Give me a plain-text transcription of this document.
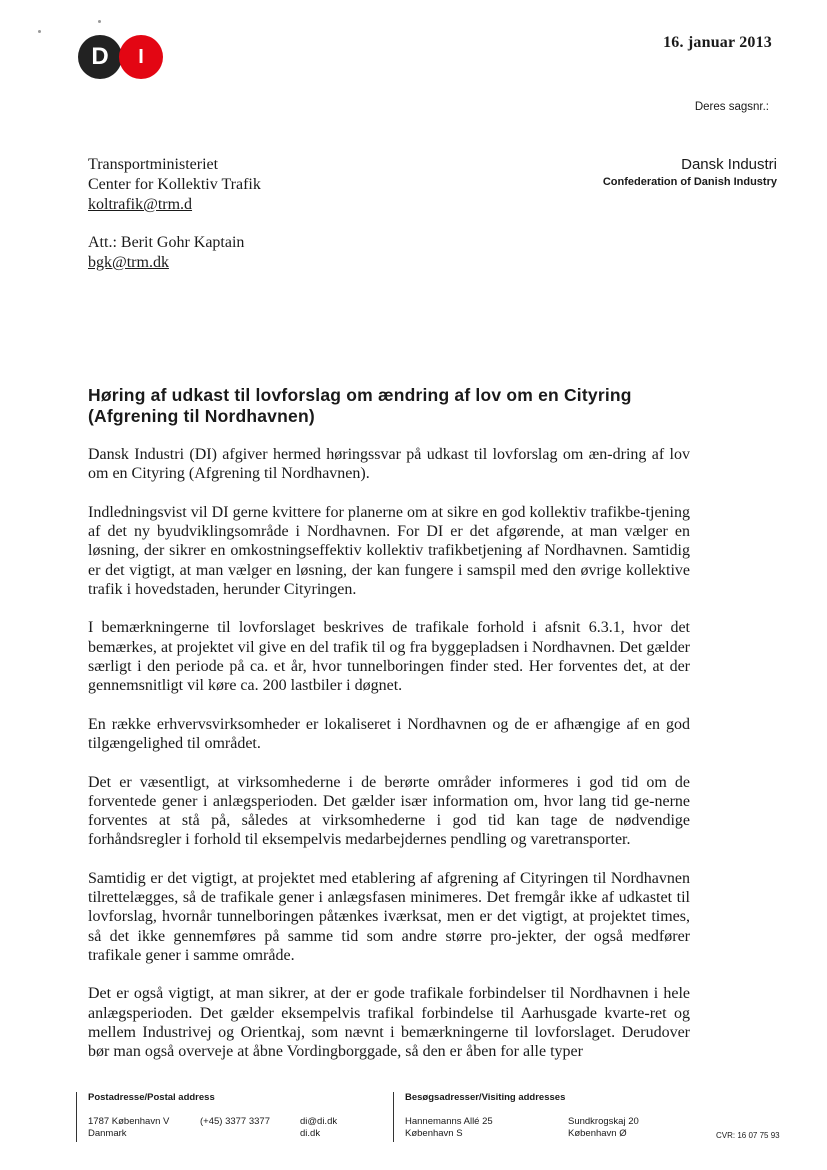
D	I
16. januar 2013
Deres sagsnr.:
Transportministeriet
Center for Kollektiv Trafik
koltrafik@trm.d
Dansk Industri
Confederation of Danish Industry
Att.: Berit Gohr Kaptain
bgk@trm.dk
Høring af udkast til lovforslag om ændring af lov om en Cityring
(Afgrening til Nordhavnen)

Dansk Industri (DI) afgiver hermed høringssvar på udkast til lovforslag om æn-dring af lov om en Cityring (Afgrening til Nordhavnen).

Indledningsvist vil DI gerne kvittere for planerne om at sikre en god kollektiv trafikbe-tjening af det ny byudviklingsområde i Nordhavnen. For DI er det afgørende, at man vælger en løsning, der sikrer en omkostningseffektiv kollektiv trafikbetjening af Nordhavnen. Samtidig er det vigtigt, at man vælger en løsning, der kan fungere i samspil med den øvrige kollektive trafik i hovedstaden, herunder Cityringen.

I bemærkningerne til lovforslaget beskrives de trafikale forhold i afsnit 6.3.1, hvor det bemærkes, at projektet vil give en del trafik til og fra byggepladsen i Nordhavnen. Det gælder særligt i den periode på ca. et år, hvor tunnelboringen finder sted. Her forventes det, at der gennemsnitligt vil køre ca. 200 lastbiler i døgnet.

En række erhvervsvirksomheder er lokaliseret i Nordhavnen og de er afhængige af en god tilgængelighed til området.

Det er væsentligt, at virksomhederne i de berørte områder informeres i god tid om de forventede gener i anlægsperioden. Det gælder især information om, hvor lang tid ge-nerne forventes at stå på, således at virksomhederne i god tid kan tage de nødvendige forhåndsregler i forhold til eksempelvis medarbejdernes pendling og varetransporter.

Samtidig er det vigtigt, at projektet med etablering af afgrening af Cityringen til Nordhavnen tilrettelægges, så de trafikale gener i anlægsfasen minimeres. Det fremgår ikke af udkastet til lovforslag, hvornår tunnelboringen påtænkes iværksat, men er det vigtigt, at projektet times, så det ikke gennemføres på samme tid som andre større pro-jekter, der også medfører trafikale gener i samme område.

Det er også vigtigt, at man sikrer, at der er gode trafikale forbindelser til Nordhavnen i hele anlægsperioden. Det gælder eksempelvis trafikal forbindelse til Aarhusgade kvarte-ret og mellem Industrivej og Orientkaj, som nævnt i bemærkningerne til lovforslaget. Derudover bør man også overveje at åbne Vordingborggade, så den er åben for alle typer

Postadresse/Postal address
1787 København V
Danmark
(+45) 3377 3377	di@di.dk
di.dk
Besøgsadresser/Visiting addresses
Hannemanns Allé 25
København S
Sundkrogskaj 20
København Ø	CVR: 16 07 75 93
